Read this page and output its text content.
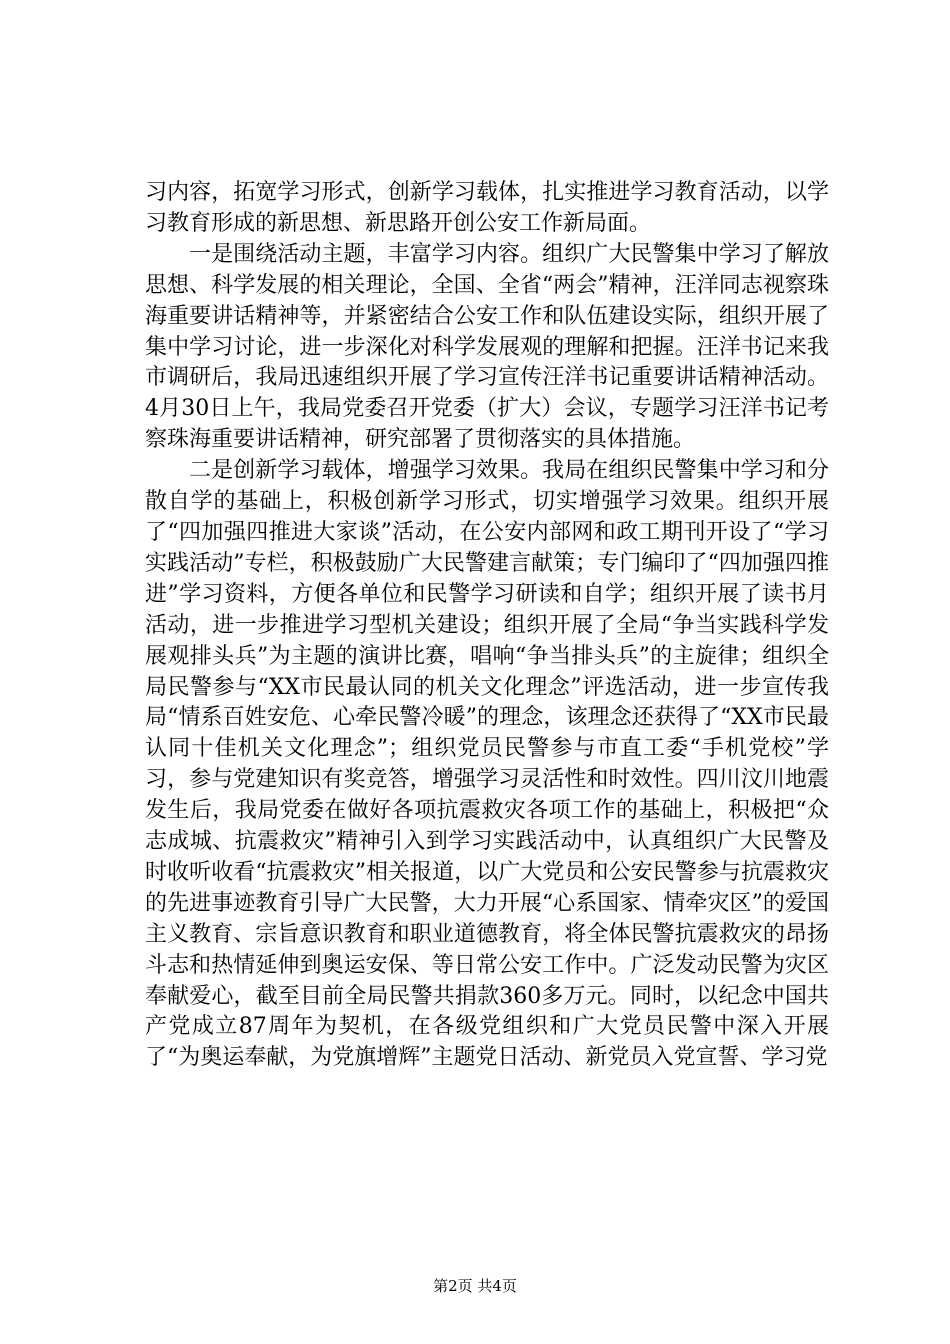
习内容，拓宽学习形式，创新学习载体，扎实推进学习教育活动，以学习教育形成的新思想、新思路开创公安工作新局面。

一是围绕活动主题，丰富学习内容。组织广大民警集中学习了解放思想、科学发展的相关理论，全国、全省“两会”精神，汪洋同志视察珠海重要讲话精神等，并紧密结合公安工作和队伍建设实际，组织开展了集中学习讨论，进一步深化对科学发展观的理解和把握。汪洋书记来我市调研后，我局迅速组织开展了学习宣传汪洋书记重要讲话精神活动。4月30日上午，我局党委召开党委（扩大）会议，专题学习汪洋书记考察珠海重要讲话精神，研究部署了贯彻落实的具体措施。

二是创新学习载体，增强学习效果。我局在组织民警集中学习和分散自学的基础上，积极创新学习形式，切实增强学习效果。组织开展了“四加强四推进大家谈”活动，在公安内部网和政工期刊开设了“学习实践活动”专栏，积极鼓励广大民警建言献策；专门编印了“四加强四推进”学习资料，方便各单位和民警学习研读和自学；组织开展了读书月活动，进一步推进学习型机关建设；组织开展了全局“争当实践科学发展观排头兵”为主题的演讲比赛，唱响“争当排头兵”的主旋律；组织全局民警参与“XX市民最认同的机关文化理念”评选活动，进一步宣传我局“情系百姓安危、心牵民警冷暖”的理念，该理念还获得了“XX市民最认同十佳机关文化理念”；组织党员民警参与市直工委“手机党校”学习，参与党建知识有奖竞答，增强学习灵活性和时效性。四川汶川地震发生后，我局党委在做好各项抗震救灾各项工作的基础上，积极把“众志成城、抗震救灾”精神引入到学习实践活动中，认真组织广大民警及时收听收看“抗震救灾”相关报道，以广大党员和公安民警参与抗震救灾的先进事迹教育引导广大民警，大力开展“心系国家、情牵灾区”的爱国主义教育、宗旨意识教育和职业道德教育，将全体民警抗震救灾的昂扬斗志和热情延伸到奥运安保、等日常公安工作中。广泛发动民警为灾区奉献爱心，截至目前全局民警共捐款360多万元。同时，以纪念中国共产党成立87周年为契机，在各级党组织和广大党员民警中深入开展了“为奥运奉献，为党旗增辉”主题党日活动、新党员入党宣誓、学习党

第2页 共4页
